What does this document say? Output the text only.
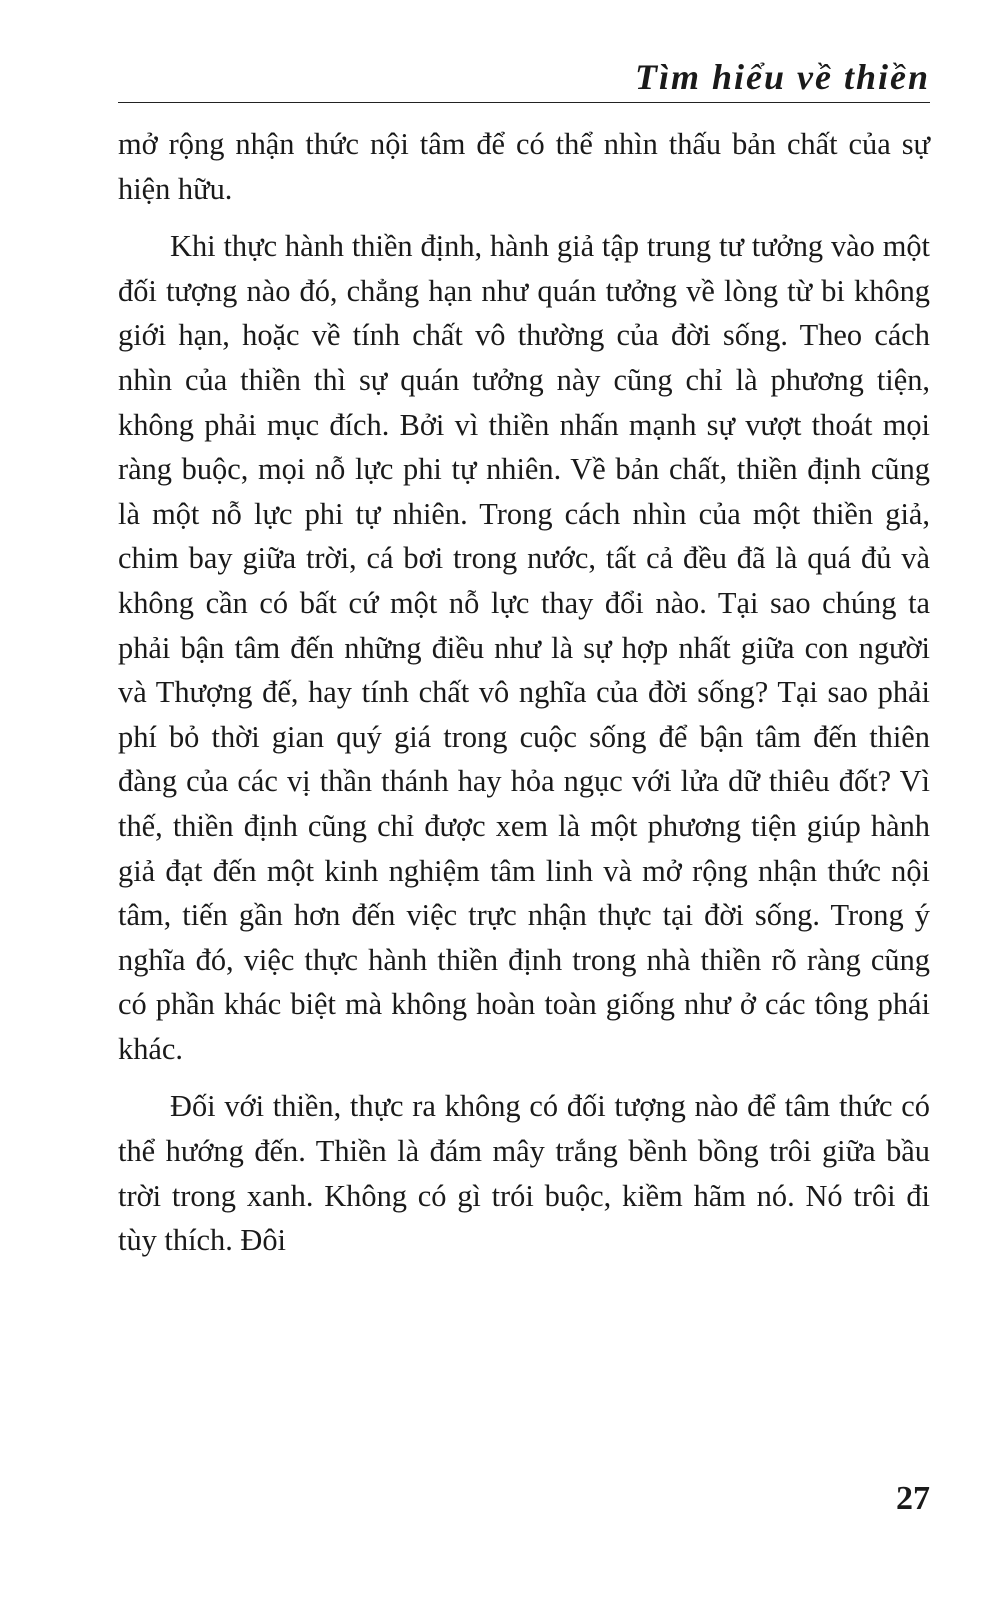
Tìm hiểu về thiền

mở rộng nhận thức nội tâm để có thể nhìn thấu bản chất của sự hiện hữu.

Khi thực hành thiền định, hành giả tập trung tư tưởng vào một đối tượng nào đó, chẳng hạn như quán tưởng về lòng từ bi không giới hạn, hoặc về tính chất vô thường của đời sống. Theo cách nhìn của thiền thì sự quán tưởng này cũng chỉ là phương tiện, không phải mục đích. Bởi vì thiền nhấn mạnh sự vượt thoát mọi ràng buộc, mọi nỗ lực phi tự nhiên. Về bản chất, thiền định cũng là một nỗ lực phi tự nhiên. Trong cách nhìn của một thiền giả, chim bay giữa trời, cá bơi trong nước, tất cả đều đã là quá đủ và không cần có bất cứ một nỗ lực thay đổi nào. Tại sao chúng ta phải bận tâm đến những điều như là sự hợp nhất giữa con người và Thượng đế, hay tính chất vô nghĩa của đời sống? Tại sao phải phí bỏ thời gian quý giá trong cuộc sống để bận tâm đến thiên đàng của các vị thần thánh hay hỏa ngục với lửa dữ thiêu đốt? Vì thế, thiền định cũng chỉ được xem là một phương tiện giúp hành giả đạt đến một kinh nghiệm tâm linh và mở rộng nhận thức nội tâm, tiến gần hơn đến việc trực nhận thực tại đời sống. Trong ý nghĩa đó, việc thực hành thiền định trong nhà thiền rõ ràng cũng có phần khác biệt mà không hoàn toàn giống như ở các tông phái khác.

Đối với thiền, thực ra không có đối tượng nào để tâm thức có thể hướng đến. Thiền là đám mây trắng bềnh bồng trôi giữa bầu trời trong xanh. Không có gì trói buộc, kiềm hãm nó. Nó trôi đi tùy thích. Đôi

27
